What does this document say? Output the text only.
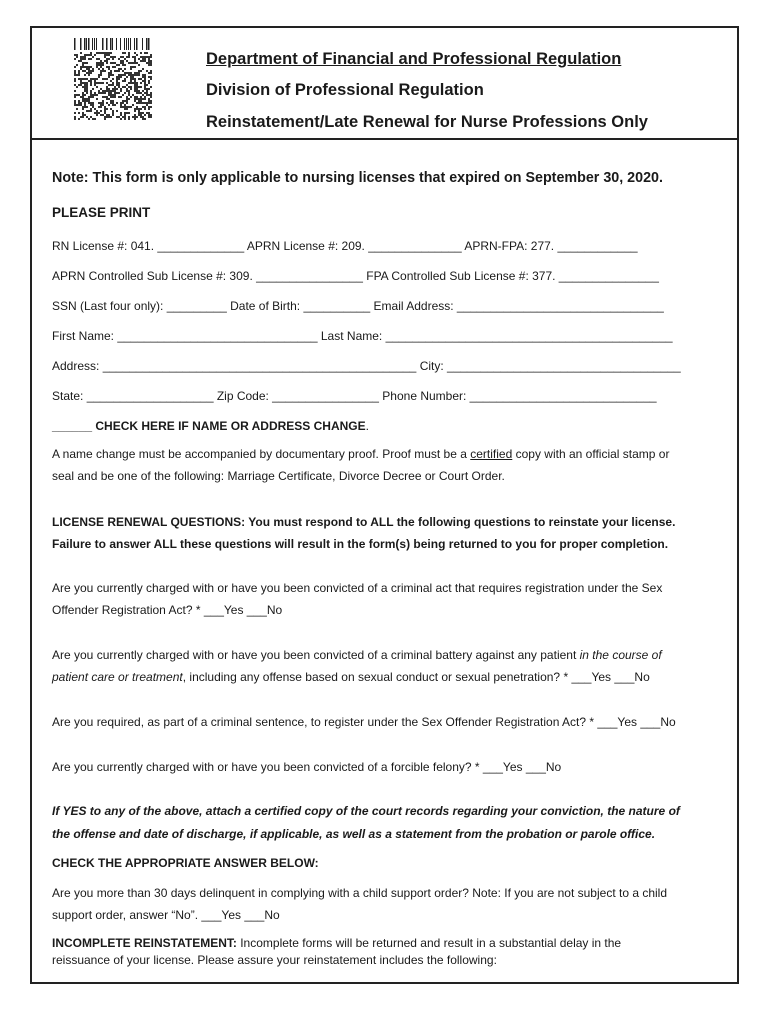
Department of Financial and Professional Regulation
Division of Professional Regulation
Reinstatement/Late Renewal for Nurse Professions Only
Note: This form is only applicable to nursing licenses that expired on September 30, 2020.
PLEASE PRINT
RN License #: 041. _____________ APRN License #: 209. ______________ APRN-FPA: 277. ____________
APRN Controlled Sub License #: 309. ________________ FPA Controlled Sub License #: 377. _______________
SSN (Last four only): _________ Date of Birth: __________ Email Address: _______________________________
First Name: ______________________________ Last Name: ___________________________________________
Address: _______________________________________________ City: ___________________________________
State: ___________________ Zip Code: ________________ Phone Number: ____________________________
______ CHECK HERE IF NAME OR ADDRESS CHANGE.
A name change must be accompanied by documentary proof. Proof must be a certified copy with an official stamp or
seal and be one of the following: Marriage Certificate, Divorce Decree or Court Order.
LICENSE RENEWAL QUESTIONS: You must respond to ALL the following questions to reinstate your license.
Failure to answer ALL these questions will result in the form(s) being returned to you for proper completion.
Are you currently charged with or have you been convicted of a criminal act that requires registration under the Sex
Offender Registration Act? * ___Yes ___No
Are you currently charged with or have you been convicted of a criminal battery against any patient in the course of
patient care or treatment, including any offense based on sexual conduct or sexual penetration? * ___Yes ___No
Are you required, as part of a criminal sentence, to register under the Sex Offender Registration Act? * ___Yes ___No
Are you currently charged with or have you been convicted of a forcible felony? * ___Yes ___No
If YES to any of the above, attach a certified copy of the court records regarding your conviction, the nature of
the offense and date of discharge, if applicable, as well as a statement from the probation or parole office.
CHECK THE APPROPRIATE ANSWER BELOW:
Are you more than 30 days delinquent in complying with a child support order? Note: If you are not subject to a child
support order, answer “No”. ___Yes ___No
INCOMPLETE REINSTATEMENT: Incomplete forms will be returned and result in a substantial delay in the
reissuance of your license. Please assure your reinstatement includes the following:
